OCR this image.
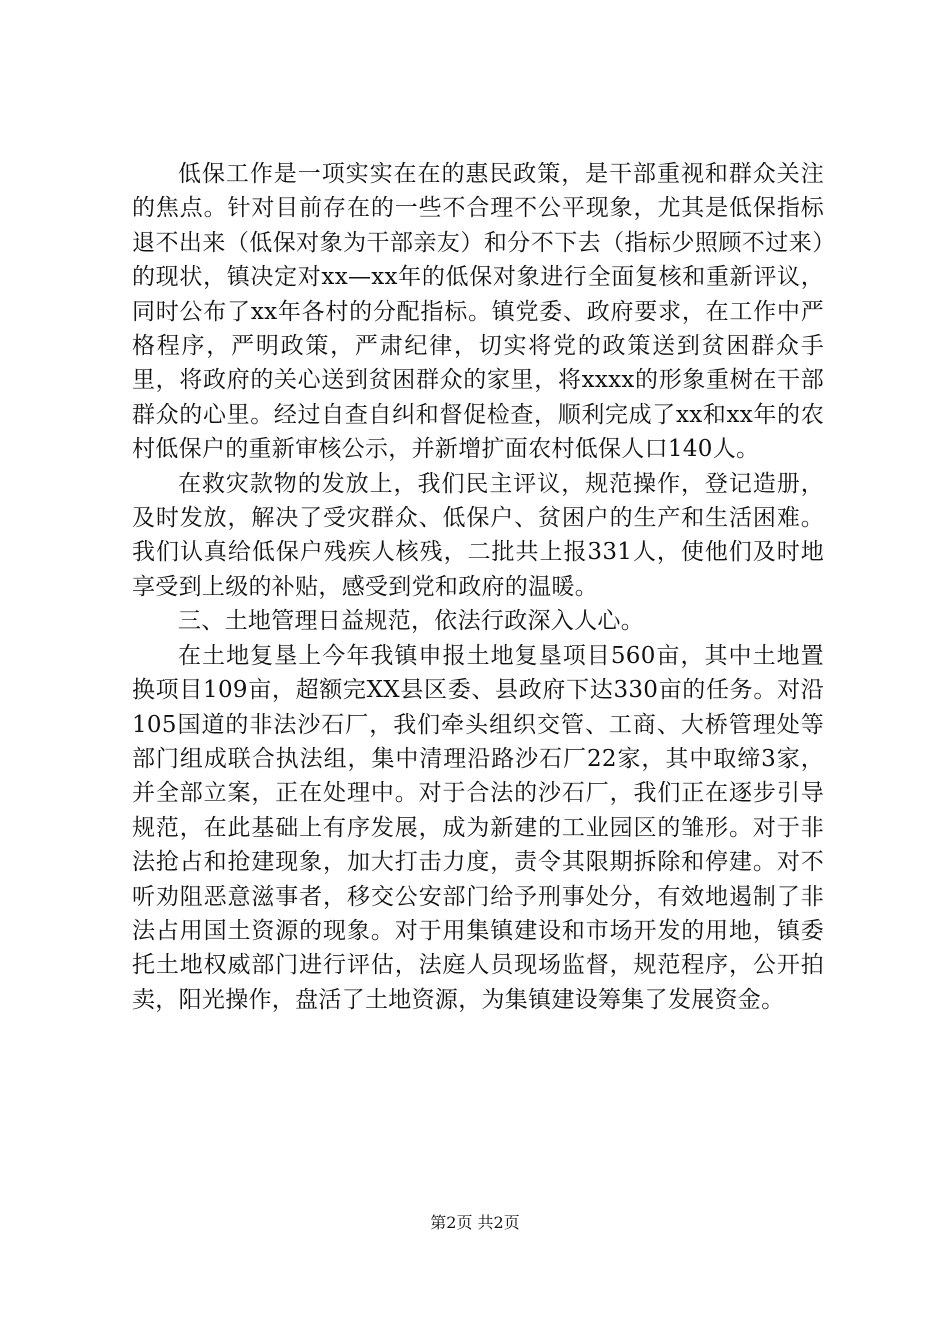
低保工作是一项实实在在的惠民政策，是干部重视和群众关注的焦点。针对目前存在的一些不合理不公平现象，尤其是低保指标退不出来（低保对象为干部亲友）和分不下去（指标少照顾不过来）的现状，镇决定对xx—xx年的低保对象进行全面复核和重新评议，同时公布了xx年各村的分配指标。镇党委、政府要求，在工作中严格程序，严明政策，严肃纪律，切实将党的政策送到贫困群众手里，将政府的关心送到贫困群众的家里，将xxxx的形象重树在干部群众的心里。经过自查自纠和督促检查，顺利完成了xx和xx年的农村低保户的重新审核公示，并新增扩面农村低保人口140人。

在救灾款物的发放上，我们民主评议，规范操作，登记造册，及时发放，解决了受灾群众、低保户、贫困户的生产和生活困难。我们认真给低保户残疾人核残，二批共上报331人，使他们及时地享受到上级的补贴，感受到党和政府的温暖。

三、土地管理日益规范，依法行政深入人心。

在土地复垦上今年我镇申报土地复垦项目560亩，其中土地置换项目109亩，超额完XX县区委、县政府下达330亩的任务。对沿105国道的非法沙石厂，我们牵头组织交管、工商、大桥管理处等部门组成联合执法组，集中清理沿路沙石厂22家，其中取缔3家，并全部立案，正在处理中。对于合法的沙石厂，我们正在逐步引导规范，在此基础上有序发展，成为新建的工业园区的雏形。对于非法抢占和抢建现象，加大打击力度，责令其限期拆除和停建。对不听劝阻恶意滋事者，移交公安部门给予刑事处分，有效地遏制了非法占用国土资源的现象。对于用集镇建设和市场开发的用地，镇委托土地权威部门进行评估，法庭人员现场监督，规范程序，公开拍卖，阳光操作，盘活了土地资源，为集镇建设筹集了发展资金。

第2页 共2页
